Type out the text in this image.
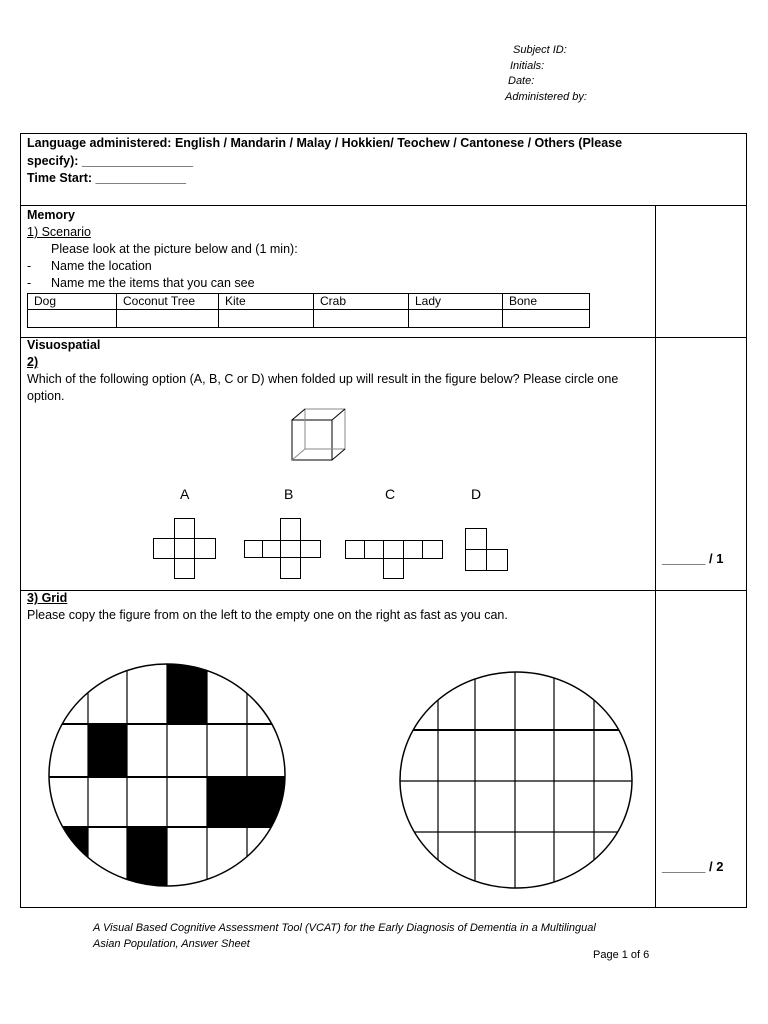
Subject ID:
Initials:
Date:
Administered by:
Language administered: English / Mandarin / Malay / Hokkien/ Teochew / Cantonese / Others (Please
specify): ________________
Time Start: _____________
Memory
1) Scenario
Please look at the picture below and (1 min):
- Name the location
- Name me the items that you can see
Dog	Coconut Tree	Kite	Crab	Lady	Bone

Visuospatial
2)
Which of the following option (A, B, C or D) when folded up will result in the figure below? Please circle one
option.
A	B	C	D
______ / 1
3) Grid
Please copy the figure from on the left to the empty one on the right as fast as you can.
______ / 2
A Visual Based Cognitive Assessment Tool (VCAT) for the Early Diagnosis of Dementia in a Multilingual
Asian Population, Answer Sheet
Page 1 of 6
